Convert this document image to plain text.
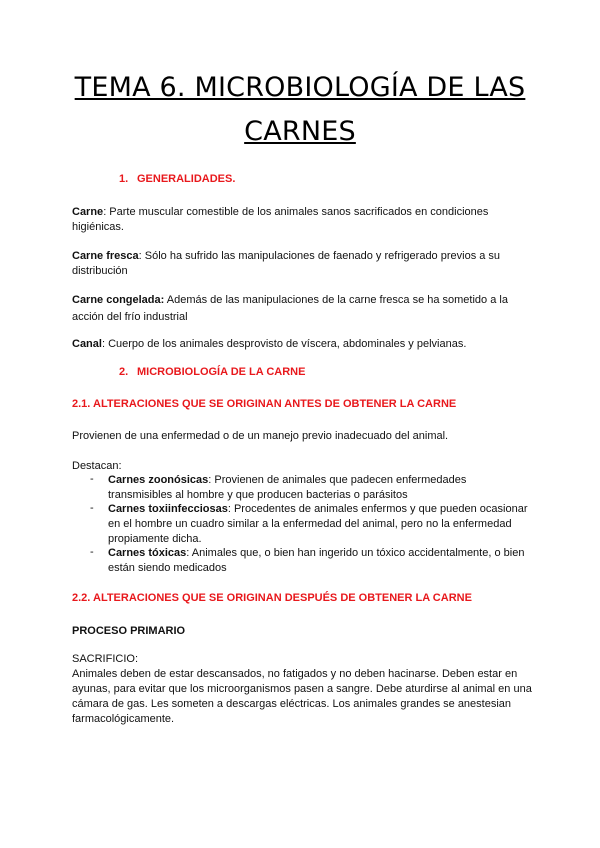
TEMA 6. MICROBIOLOGÍA DE LAS
CARNES
1. GENERALIDADES.
Carne: Parte muscular comestible de los animales sanos sacrificados en condiciones higiénicas.
Carne fresca: Sólo ha sufrido las manipulaciones de faenado y refrigerado previos a su distribución
Carne congelada: Además de las manipulaciones de la carne fresca se ha sometido a la acción del frío industrial
Canal: Cuerpo de los animales desprovisto de víscera, abdominales y pelvianas.
2. MICROBIOLOGÍA DE LA CARNE
2.1. ALTERACIONES QUE SE ORIGINAN ANTES DE OBTENER LA CARNE
Provienen de una enfermedad o de un manejo previo inadecuado del animal.
Destacan:
- Carnes zoonósicas: Provienen de animales que padecen enfermedades transmisibles al hombre y que producen bacterias o parásitos
- Carnes toxiinfecciosas: Procedentes de animales enfermos y que pueden ocasionar en el hombre un cuadro similar a la enfermedad del animal, pero no la enfermedad propiamente dicha.
- Carnes tóxicas: Animales que, o bien han ingerido un tóxico accidentalmente, o bien están siendo medicados
2.2. ALTERACIONES QUE SE ORIGINAN DESPUÉS DE OBTENER LA CARNE
PROCESO PRIMARIO
SACRIFICIO:
Animales deben de estar descansados, no fatigados y no deben hacinarse. Deben estar en ayunas, para evitar que los microorganismos pasen a sangre. Debe aturdirse al animal en una cámara de gas. Les someten a descargas eléctricas. Los animales grandes se anestesian farmacológicamente.
